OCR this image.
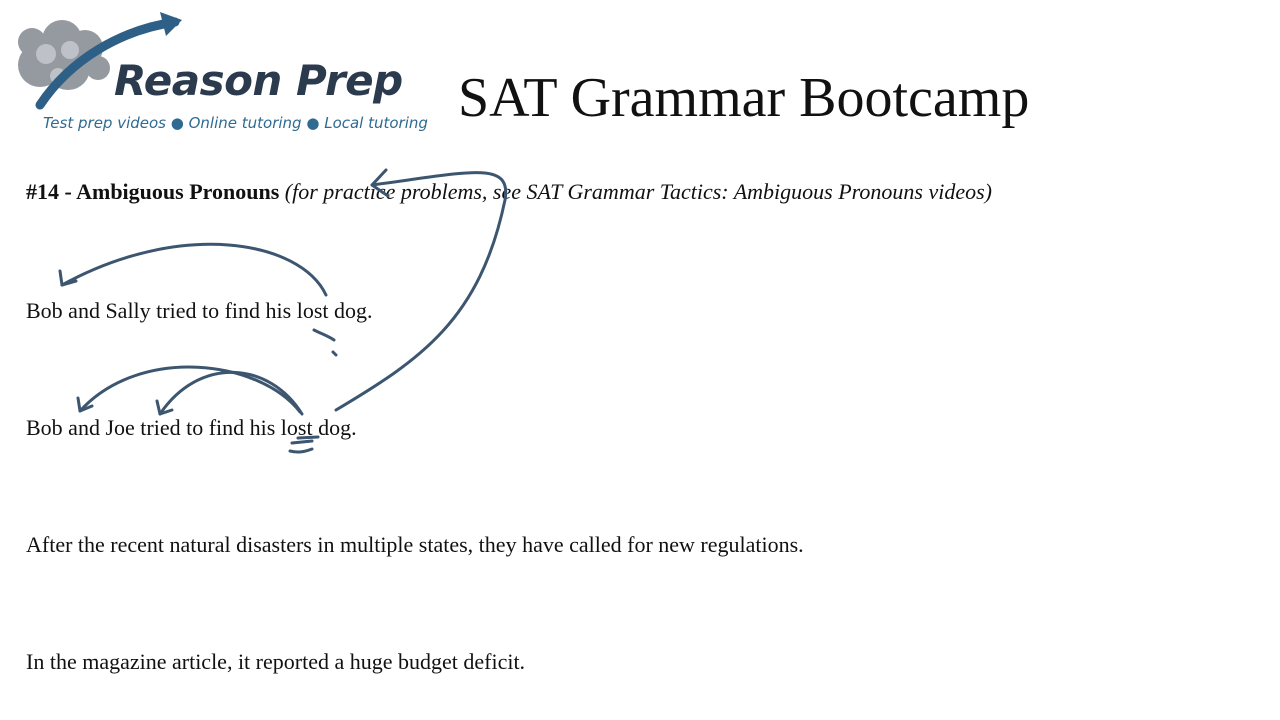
Reason Prep
Test prep videos ● Online tutoring ● Local tutoring SAT Grammar Bootcamp
#14 - Ambiguous Pronouns (for practice problems, see SAT Grammar Tactics: Ambiguous Pronouns videos)
Bob and Sally tried to find his lost dog.
Bob and Joe tried to find his lost dog.
After the recent natural disasters in multiple states, they have called for new regulations.
In the magazine article, it reported a huge budget deficit.
